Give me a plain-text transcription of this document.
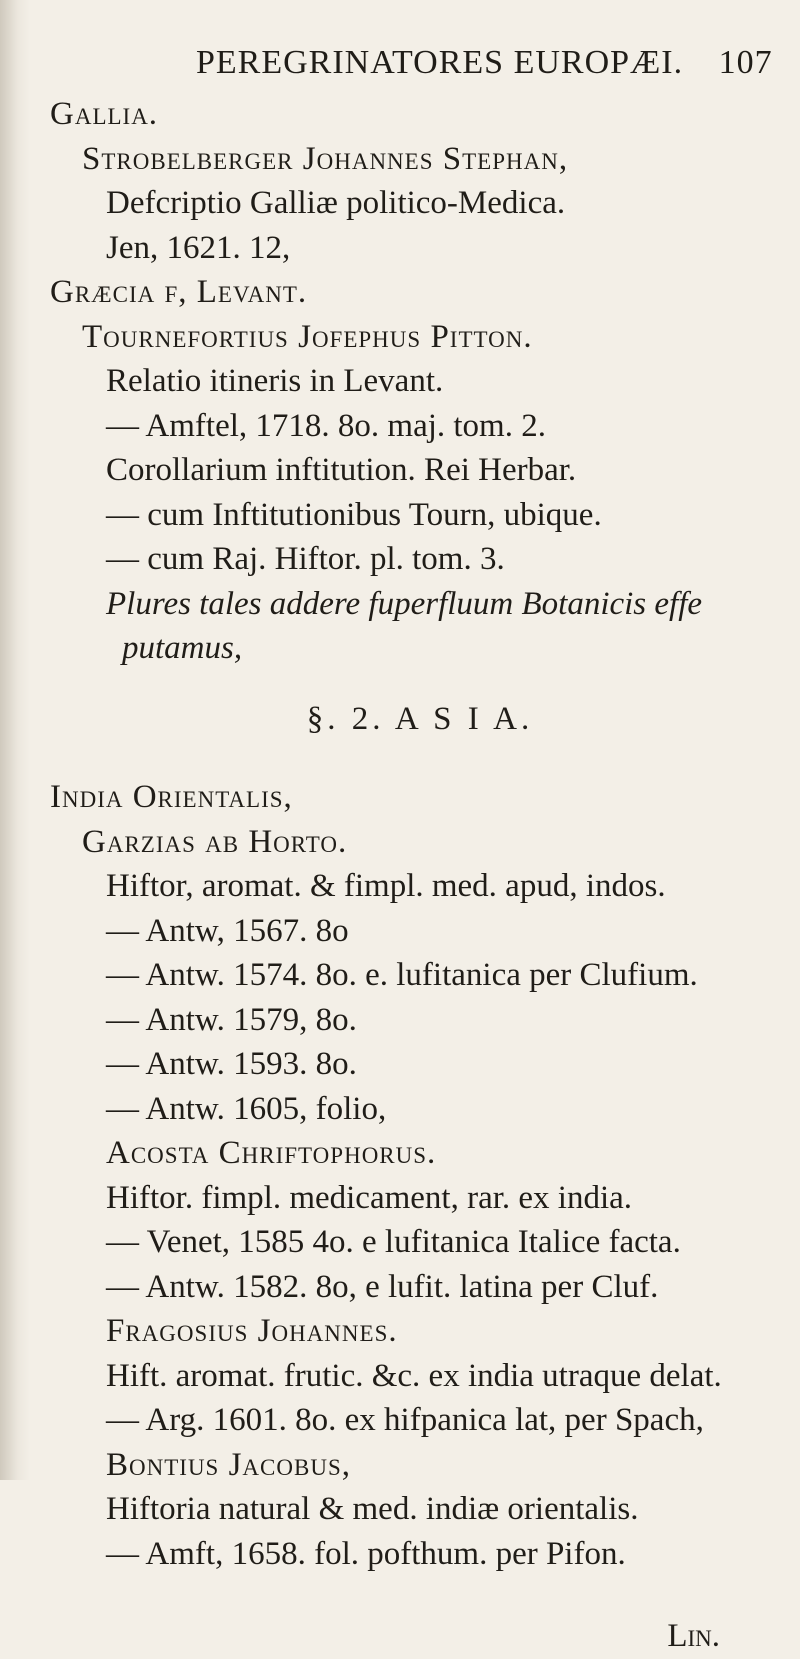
PEREGRINATORES EUROPÆI. 107
Gallia.
Strobelberger Johannes Stephan,
Defcriptio Galliæ politico-Medica.
Jen, 1621. 12,
Græcia f, Levant.
Tournefortius Jofephus Pitton.
Relatio itineris in Levant.
— Amftel, 1718. 8o. maj. tom. 2.
Corollarium inftitution. Rei Herbar.
— cum Inftitutionibus Tourn, ubique.
— cum Raj. Hiftor. pl. tom. 3.
Plures tales addere fuperfluum Botanicis effe
putamus,
§. 2. A S I A.
India Orientalis,
Garzias ab Horto.
Hiftor, aromat. & fimpl. med. apud, indos.
— Antw, 1567. 8o
— Antw. 1574. 8o. e. lufitanica per Clufium.
— Antw. 1579, 8o.
— Antw. 1593. 8o.
— Antw. 1605, folio,
Acosta Chriftophorus.
Hiftor. fimpl. medicament, rar. ex india.
— Venet, 1585 4o. e lufitanica Italice facta.
— Antw. 1582. 8o, e lufit. latina per Cluf.
Fragosius Johannes.
Hift. aromat. frutic. &c. ex india utraque delat.
— Arg. 1601. 8o. ex hifpanica lat, per Spach,
Bontius Jacobus,
Hiftoria natural & med. indiæ orientalis.
— Amft, 1658. fol. pofthum. per Pifon.
Lin.
